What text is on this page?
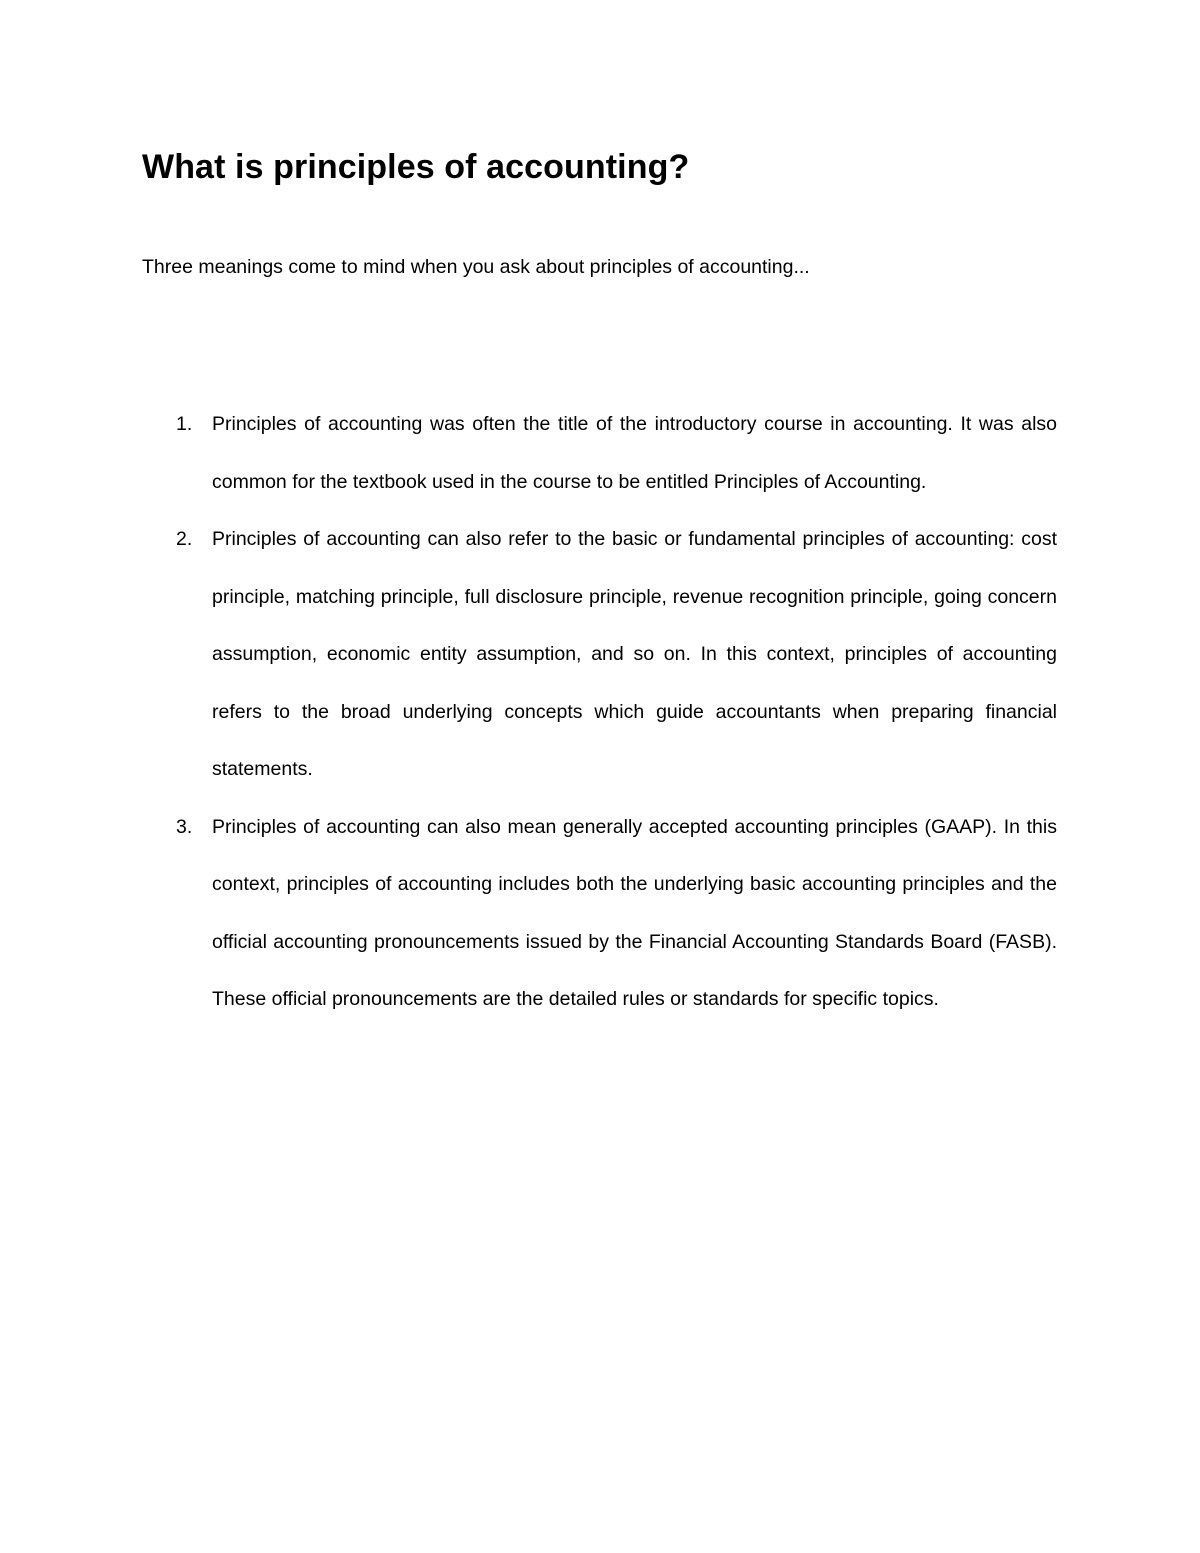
What is principles of accounting?

Three meanings come to mind when you ask about principles of accounting...

1. Principles of accounting was often the title of the introductory course in accounting. It was also common for the textbook used in the course to be entitled Principles of Accounting.

2. Principles of accounting can also refer to the basic or fundamental principles of accounting: cost principle, matching principle, full disclosure principle, revenue recognition principle, going concern assumption, economic entity assumption, and so on. In this context, principles of accounting refers to the broad underlying concepts which guide accountants when preparing financial statements.

3. Principles of accounting can also mean generally accepted accounting principles (GAAP). In this context, principles of accounting includes both the underlying basic accounting principles and the official accounting pronouncements issued by the Financial Accounting Standards Board (FASB). These official pronouncements are the detailed rules or standards for specific topics.
